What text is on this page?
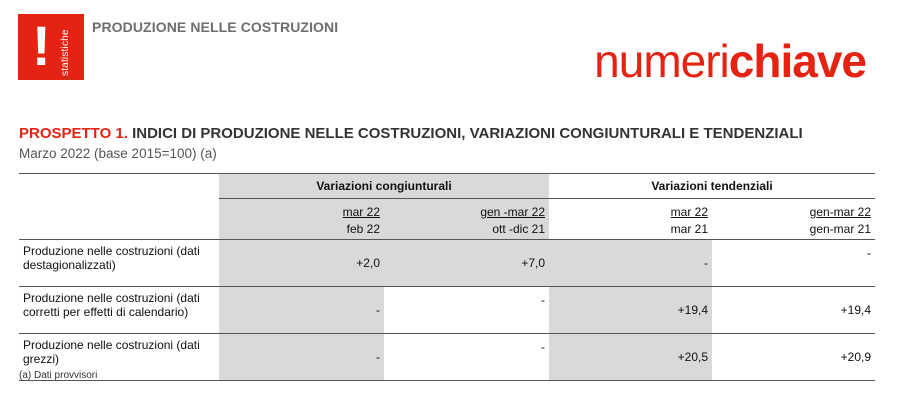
! statistiche
PRODUZIONE NELLE COSTRUZIONI
numerichiave
PROSPETTO 1. INDICI DI PRODUZIONE NELLE COSTRUZIONI, VARIAZIONI CONGIUNTURALI E TENDENZIALI
Marzo 2022 (base 2015=100) (a)
	Variazioni congiunturali		Variazioni tendenziali	
	mar 22	gen -mar 22	mar 22	gen-mar 22
	feb 22	ott -dic 21	mar 21	gen-mar 21
Produzione nelle costruzioni (dati destagionalizzati)	+2,0	+7,0	-	-
Produzione nelle costruzioni (dati corretti per effetti di calendario)	-	-	+19,4	+19,4
Produzione nelle costruzioni (dati grezzi)	-	-	+20,5	+20,9
(a) Dati provvisori
